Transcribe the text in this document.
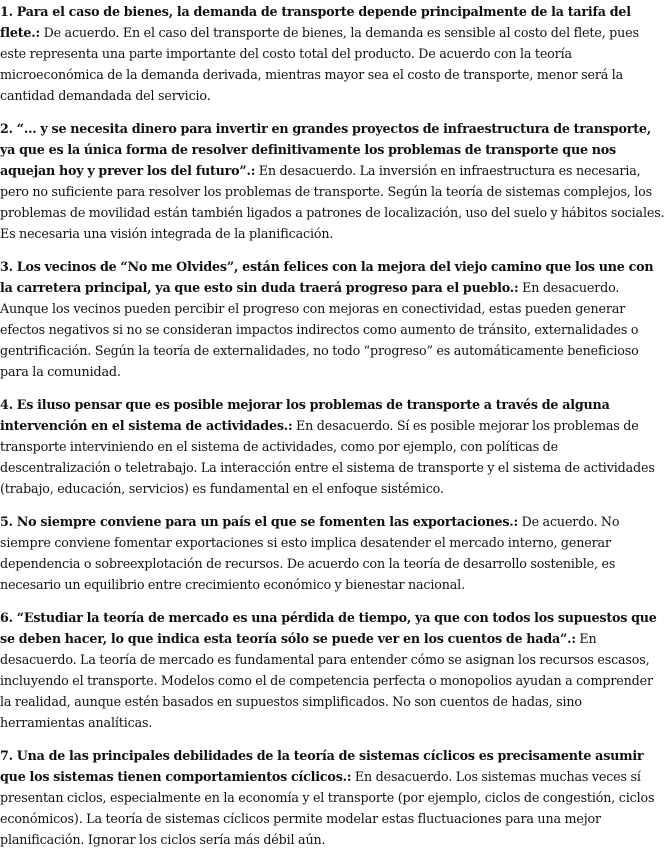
1. Para el caso de bienes, la demanda de transporte depende principalmente de la tarifa del flete.: De acuerdo. En el caso del transporte de bienes, la demanda es sensible al costo del flete, pues este representa una parte importante del costo total del producto. De acuerdo con la teoría microeconómica de la demanda derivada, mientras mayor sea el costo de transporte, menor será la cantidad demandada del servicio.

2. “... y se necesita dinero para invertir en grandes proyectos de infraestructura de transporte, ya que es la única forma de resolver definitivamente los problemas de transporte que nos aquejan hoy y prever los del futuro”.: En desacuerdo. La inversión en infraestructura es necesaria, pero no suficiente para resolver los problemas de transporte. Según la teoría de sistemas complejos, los problemas de movilidad están también ligados a patrones de localización, uso del suelo y hábitos sociales. Es necesaria una visión integrada de la planificación.

3. Los vecinos de “No me Olvides”, están felices con la mejora del viejo camino que los une con la carretera principal, ya que esto sin duda traerá progreso para el pueblo.: En desacuerdo. Aunque los vecinos pueden percibir el progreso con mejoras en conectividad, estas pueden generar efectos negativos si no se consideran impactos indirectos como aumento de tránsito, externalidades o gentrificación. Según la teoría de externalidades, no todo “progreso” es automáticamente beneficioso para la comunidad.

4. Es iluso pensar que es posible mejorar los problemas de transporte a través de alguna intervención en el sistema de actividades.: En desacuerdo. Sí es posible mejorar los problemas de transporte interviniendo en el sistema de actividades, como por ejemplo, con políticas de descentralización o teletrabajo. La interacción entre el sistema de transporte y el sistema de actividades (trabajo, educación, servicios) es fundamental en el enfoque sistémico.

5. No siempre conviene para un país el que se fomenten las exportaciones.: De acuerdo. No siempre conviene fomentar exportaciones si esto implica desatender el mercado interno, generar dependencia o sobreexplotación de recursos. De acuerdo con la teoría de desarrollo sostenible, es necesario un equilibrio entre crecimiento económico y bienestar nacional.

6. “Estudiar la teoría de mercado es una pérdida de tiempo, ya que con todos los supuestos que se deben hacer, lo que indica esta teoría sólo se puede ver en los cuentos de hada”.: En desacuerdo. La teoría de mercado es fundamental para entender cómo se asignan los recursos escasos, incluyendo el transporte. Modelos como el de competencia perfecta o monopolios ayudan a comprender la realidad, aunque estén basados en supuestos simplificados. No son cuentos de hadas, sino herramientas analíticas.

7. Una de las principales debilidades de la teoría de sistemas cíclicos es precisamente asumir que los sistemas tienen comportamientos cíclicos.: En desacuerdo. Los sistemas muchas veces sí presentan ciclos, especialmente en la economía y el transporte (por ejemplo, ciclos de congestión, ciclos económicos). La teoría de sistemas cíclicos permite modelar estas fluctuaciones para una mejor planificación. Ignorar los ciclos sería más débil aún.
